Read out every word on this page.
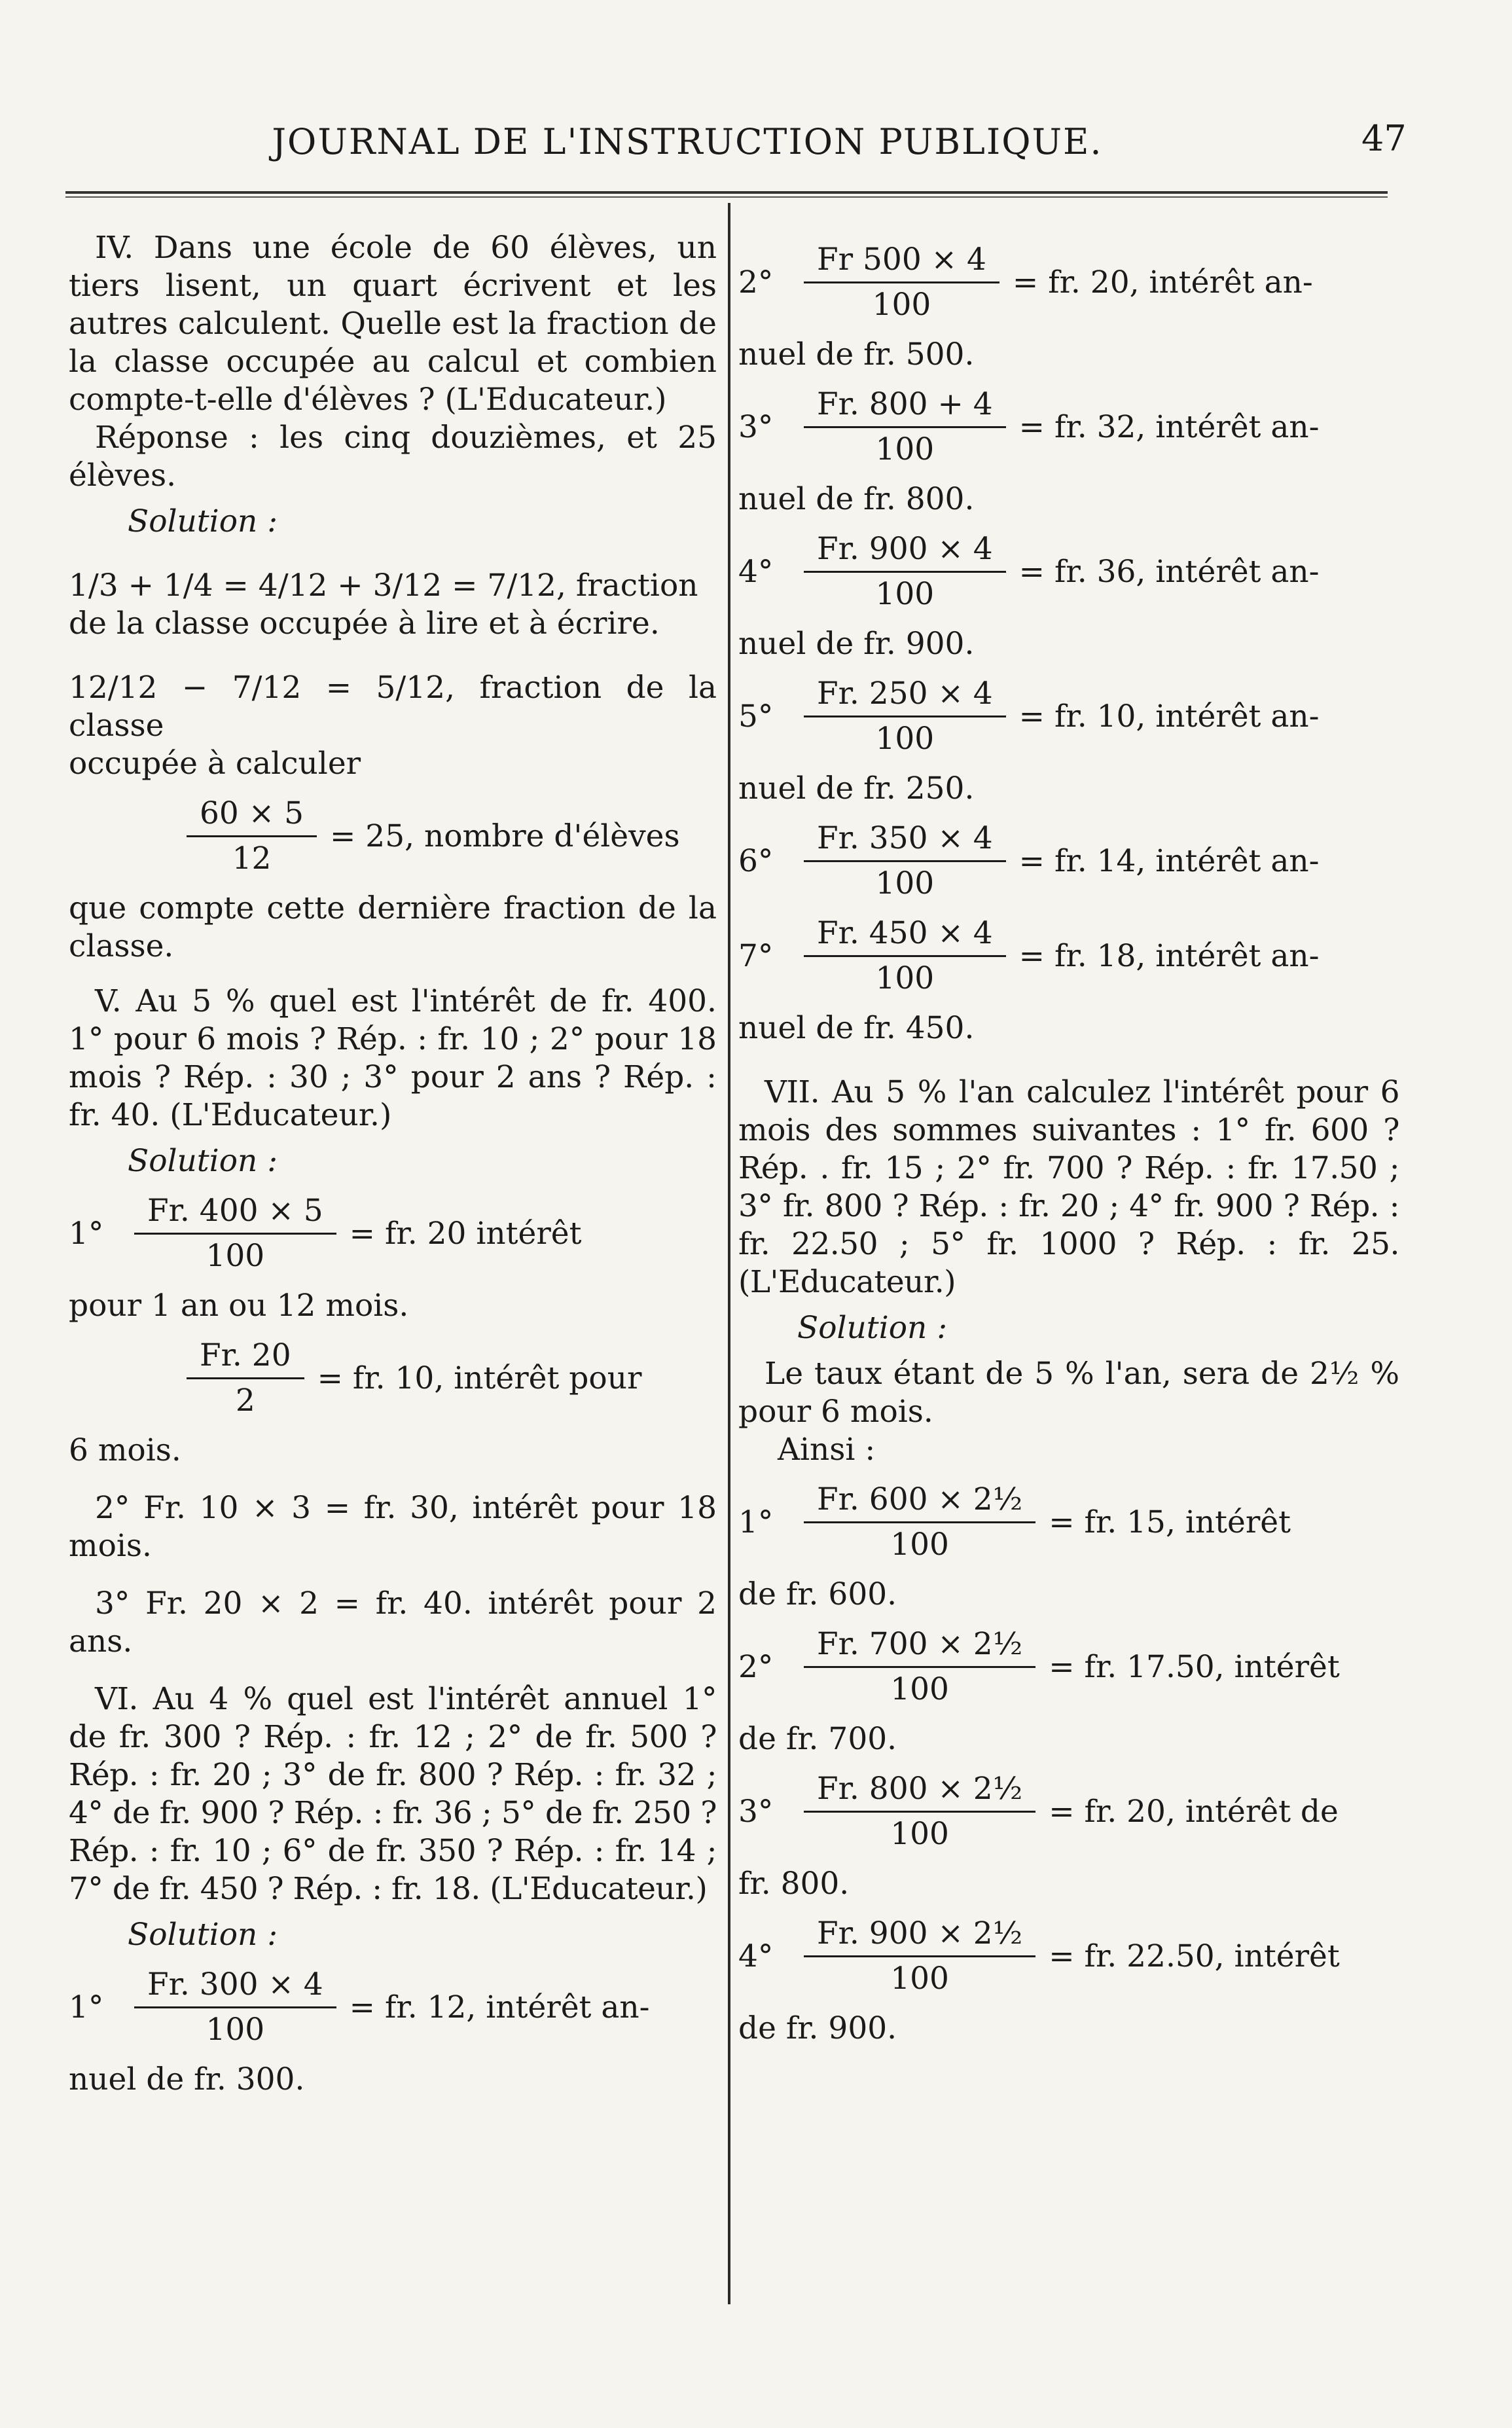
JOURNAL DE L'INSTRUCTION PUBLIQUE.	47

IV. Dans une école de 60 élèves, un tiers lisent, un quart écrivent et les autres calculent. Quelle est la fraction de la classe occupée au calcul et combien compte-t-elle d'élèves ? (L'Educateur.)

Réponse : les cinq douzièmes, et 25 élèves.

Solution :

1/3 + 1/4 = 4/12 + 3/12 = 7/12, fraction

de la classe occupée à lire et à écrire.

12/12 − 7/12 = 5/12, fraction de la classe

occupée à calculer

$\frac{60 \times 5}{12} = 25$, nombre d'élèves

que compte cette dernière fraction de la classe.

V. Au 5 % quel est l'intérêt de fr. 400. 1° pour 6 mois ? Rép. : fr. 10 ; 2° pour 18 mois ? Rép. : 30 ; 3° pour 2 ans ? Rép. : fr. 40. (L'Educateur.)

Solution :

$1^\circ \frac{Fr. 400 \times 5}{100}$ = fr. 20 intérêt

pour 1 an ou 12 mois.

$\frac{Fr. 20}{2}$ = fr. 10, intérêt pour

6 mois.

2° Fr. 10 × 3 = fr. 30, intérêt pour 18 mois.

3° Fr. 20 × 2 = fr. 40. intérêt pour 2 ans.

VI. Au 4 % quel est l'intérêt annuel 1° de fr. 300 ? Rép. : fr. 12 ; 2° de fr. 500 ? Rép. : fr. 20 ; 3° de fr. 800 ? Rép. : fr. 32 ; 4° de fr. 900 ? Rép. : fr. 36 ; 5° de fr. 250 ? Rép. : fr. 10 ; 6° de fr. 350 ? Rép. : fr. 14 ; 7° de fr. 450 ? Rép. : fr. 18. (L'Educateur.)

Solution :

$1^\circ \frac{Fr. 300 \times 4}{100}$ = fr. 12, intérêt an-

nuel de fr. 300.

$2^\circ \frac{Fr 500 \times 4}{100}$ = fr. 20, intérêt an-

nuel de fr. 500.

$3^\circ \frac{Fr. 800 + 4}{100}$ = fr. 32, intérêt an-

nuel de fr. 800.

$4^\circ \frac{Fr. 900 \times 4}{100}$ = fr. 36, intérêt an-

nuel de fr. 900.

$5^\circ \frac{Fr. 250 \times 4}{100}$ = fr. 10, intérêt an-

nuel de fr. 250.

$6^\circ \frac{Fr. 350 \times 4}{100}$ = fr. 14, intérêt an-

$7^\circ \frac{Fr. 450 \times 4}{100}$ = fr. 18, intérêt an-

nuel de fr. 450.

VII. Au 5 % l'an calculez l'intérêt pour 6 mois des sommes suivantes : 1° fr. 600 ? Rép. . fr. 15 ; 2° fr. 700 ? Rép. : fr. 17.50 ; 3° fr. 800 ? Rép. : fr. 20 ; 4° fr. 900 ? Rép. : fr. 22.50 ; 5° fr. 1000 ? Rép. : fr. 25. (L'Educateur.)

Solution :

Le taux étant de 5 % l'an, sera de 2½ % pour 6 mois.

Ainsi :

$1^\circ \frac{\text{Fr. 600 × 2½}}{100}$ = fr. 15, intérêt

de fr. 600.

$2^\circ \frac{\text{Fr. 700 × 2½}}{100}$ = fr. 17.50, intérêt

de fr. 700.

$3^\circ \frac{\text{Fr. 800 × 2½}}{100}$ = fr. 20, intérêt de

fr. 800.

$4^\circ \frac{\text{Fr. 900 × 2½}}{100}$ = fr. 22.50, intérêt

de fr. 900.
